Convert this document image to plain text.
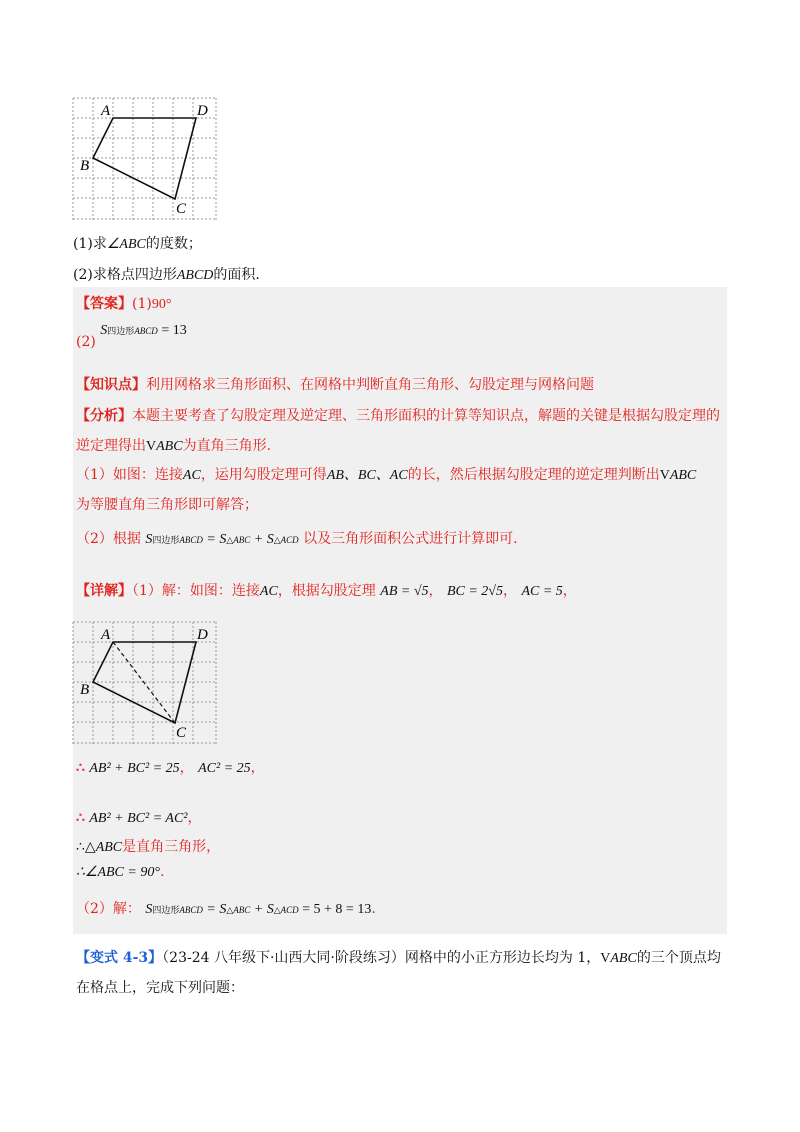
A	D
B
C
(1)求∠ABC的度数；
(2)求格点四边形ABCD的面积.
【答案】(1)90°
(2) S四边形ABCD = 13
【知识点】利用网格求三角形面积、在网格中判断直角三角形、勾股定理与网格问题
【分析】本题主要考查了勾股定理及逆定理、三角形面积的计算等知识点，解题的关键是根据勾股定理的
逆定理得出VABC为直角三角形.
（1）如图：连接AC，运用勾股定理可得AB、BC、AC的长，然后根据勾股定理的逆定理判断出VABC
为等腰直角三角形即可解答；
（2）根据 S四边形ABCD = S△ABC + S△ACD 以及三角形面积公式进行计算即可.
【详解】（1）解：如图：连接AC，根据勾股定理 AB = √5， BC = 2√5， AC = 5，
A	D
B
C
∴ AB² + BC² = 25， AC² = 25，
∴ AB² + BC² = AC²，
∴△ABC是直角三角形，
∴∠ABC = 90°.
（2）解： S四边形ABCD = S△ABC + S△ACD = 5 + 8 = 13.
【变式 4-3】（23-24 八年级下·山西大同·阶段练习）网格中的小正方形边长均为 1，VABC的三个顶点均
在格点上，完成下列问题：
